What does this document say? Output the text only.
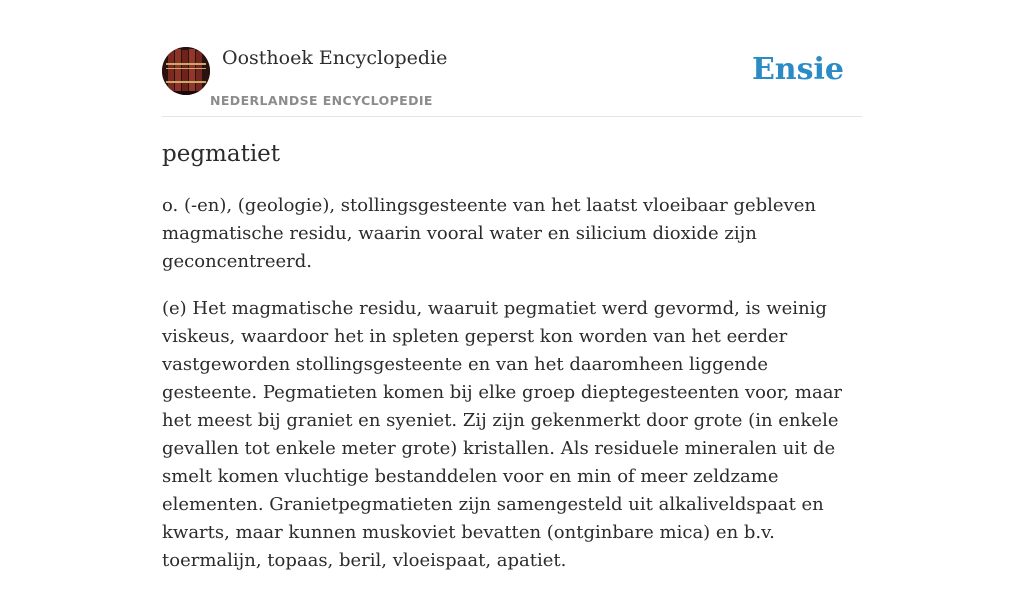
Oosthoek Encyclopedie
NEDERLANDSE ENCYCLOPEDIE
Ensie
pegmatiet

o. (-en), (geologie), stollingsgesteente van het laatst vloeibaar gebleven magmatische residu, waarin vooral water en silicium dioxide zijn geconcentreerd.

(e) Het magmatische residu, waaruit pegmatiet werd gevormd, is weinig viskeus, waardoor het in spleten geperst kon worden van het eerder vastgeworden stollingsgesteente en van het daaromheen liggende gesteente. Pegmatieten komen bij elke groep dieptegesteenten voor, maar het meest bij graniet en syeniet. Zij zijn gekenmerkt door grote (in enkele gevallen tot enkele meter grote) kristallen. Als residuele mineralen uit de smelt komen vluchtige bestanddelen voor en min of meer zeldzame elementen. Granietpegmatieten zijn samengesteld uit alkaliveldspaat en kwarts, maar kunnen muskoviet bevatten (ontginbare mica) en b.v. toermalijn, topaas, beril, vloeispaat, apatiet.
